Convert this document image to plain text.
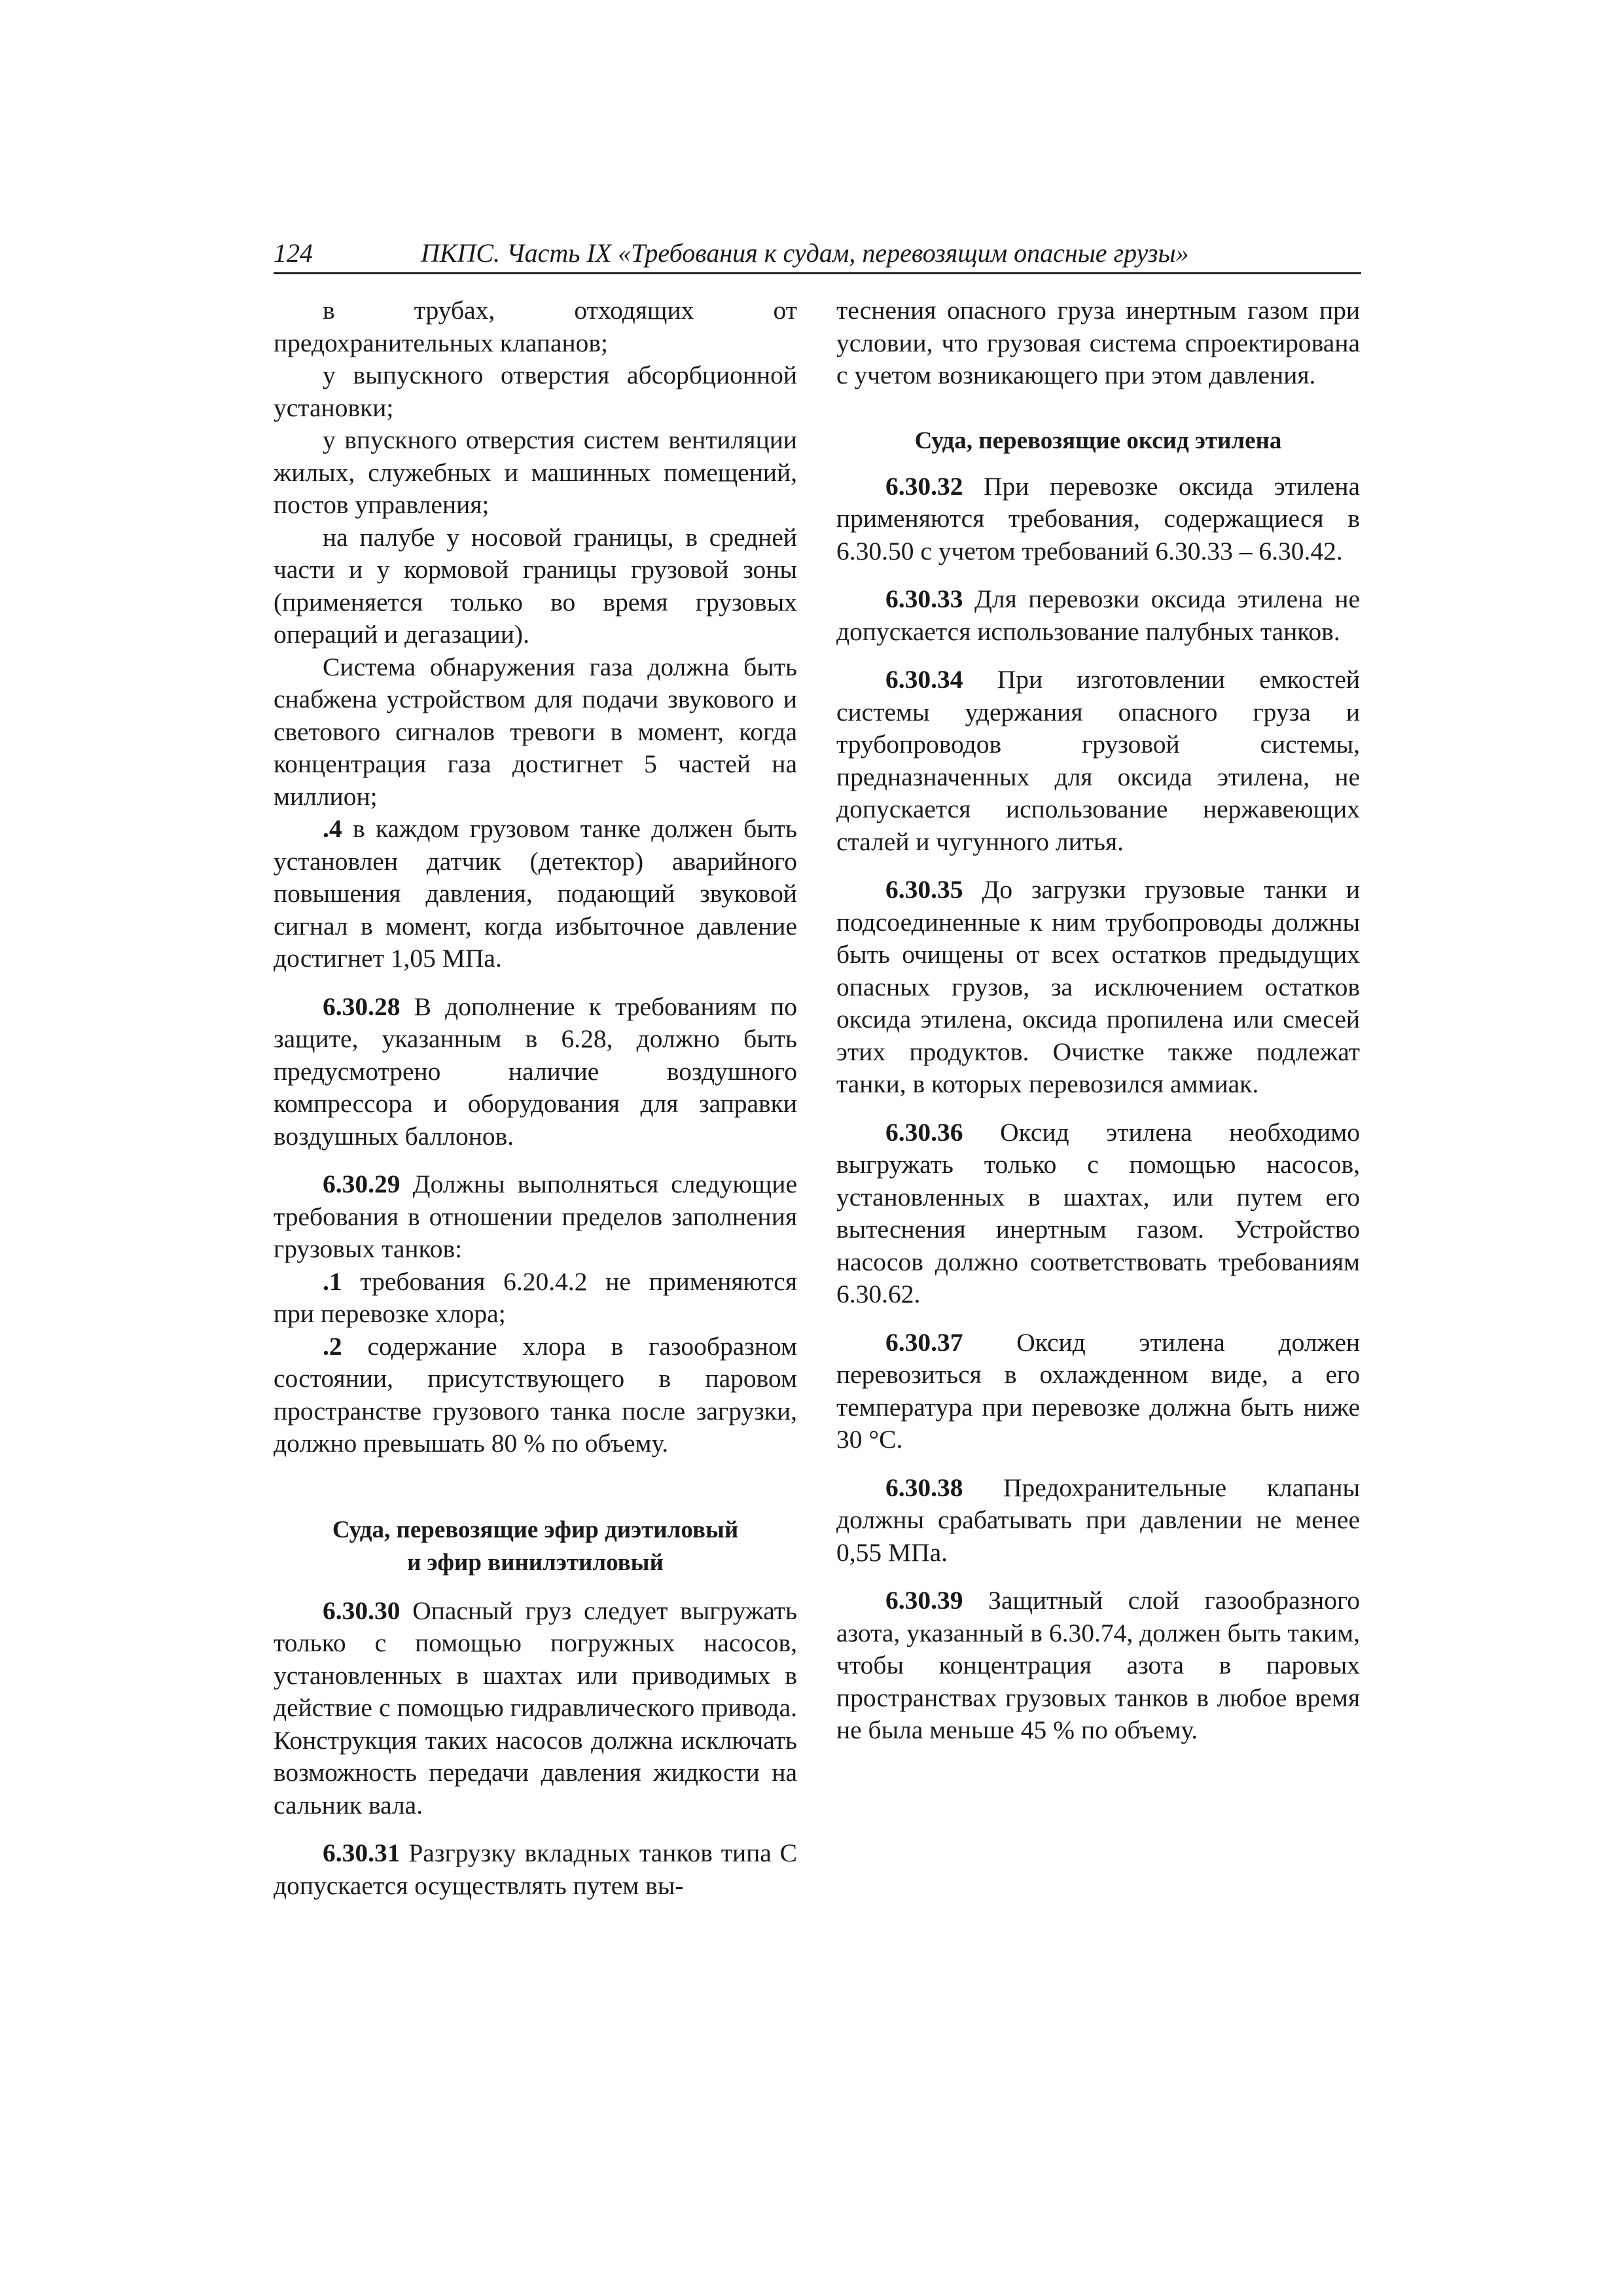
124	ПКПС. Часть IX «Требования к судам, перевозящим опасные грузы»

в трубах, отходящих от предохранительных клапанов;

у выпускного отверстия абсорбционной установки;

у впускного отверстия систем вентиляции жилых, служебных и машинных помещений, постов управления;

на палубе у носовой границы, в средней части и у кормовой границы грузовой зоны (применяется только во время грузовых операций и дегазации).

Система обнаружения газа должна быть снабжена устройством для подачи звукового и светового сигналов тревоги в момент, когда концентрация газа достигнет 5 частей на миллион;

.4 в каждом грузовом танке должен быть установлен датчик (детектор) аварийного повышения давления, подающий звуковой сигнал в момент, когда избыточное давление достигнет 1,05 МПа.

6.30.28 В дополнение к требованиям по защите, указанным в 6.28, должно быть предусмотрено наличие воздушного компрессора и оборудования для заправки воздушных баллонов.

6.30.29 Должны выполняться следующие требования в отношении пределов заполнения грузовых танков:

.1 требования 6.20.4.2 не применяются при перевозке хлора;

.2 содержание хлора в газообразном состоянии, присутствующего в паровом пространстве грузового танка после загрузки, должно превышать 80 % по объему.

Суда, перевозящие эфир диэтиловый
и эфир винилэтиловый

6.30.30 Опасный груз следует выгружать только с помощью погружных насосов, установленных в шахтах или приводимых в действие с помощью гидравлического привода. Конструкция таких насосов должна исключать возможность передачи давления жидкости на сальник вала.

6.30.31 Разгрузку вкладных танков типа С допускается осуществлять путем вы-

теснения опасного груза инертным газом при условии, что грузовая система спроектирована с учетом возникающего при этом давления.

Суда, перевозящие оксид этилена

6.30.32 При перевозке оксида этилена применяются требования, содержащиеся в 6.30.50 с учетом требований 6.30.33 – 6.30.42.

6.30.33 Для перевозки оксида этилена не допускается использование палубных танков.

6.30.34 При изготовлении емкостей системы удержания опасного груза и трубопроводов грузовой системы, предназначенных для оксида этилена, не допускается использование нержавеющих сталей и чугунного литья.

6.30.35 До загрузки грузовые танки и подсоединенные к ним трубопроводы должны быть очищены от всех остатков предыдущих опасных грузов, за исключением остатков оксида этилена, оксида пропилена или смесей этих продуктов. Очистке также подлежат танки, в которых перевозился аммиак.

6.30.36 Оксид этилена необходимо выгружать только с помощью насосов, установленных в шахтах, или путем его вытеснения инертным газом. Устройство насосов должно соответствовать требованиям 6.30.62.

6.30.37 Оксид этилена должен перевозиться в охлажденном виде, а его температура при перевозке должна быть ниже 30 °С.

6.30.38 Предохранительные клапаны должны срабатывать при давлении не менее 0,55 МПа.

6.30.39 Защитный слой газообразного азота, указанный в 6.30.74, должен быть таким, чтобы концентрация азота в паровых пространствах грузовых танков в любое время не была меньше 45 % по объему.
